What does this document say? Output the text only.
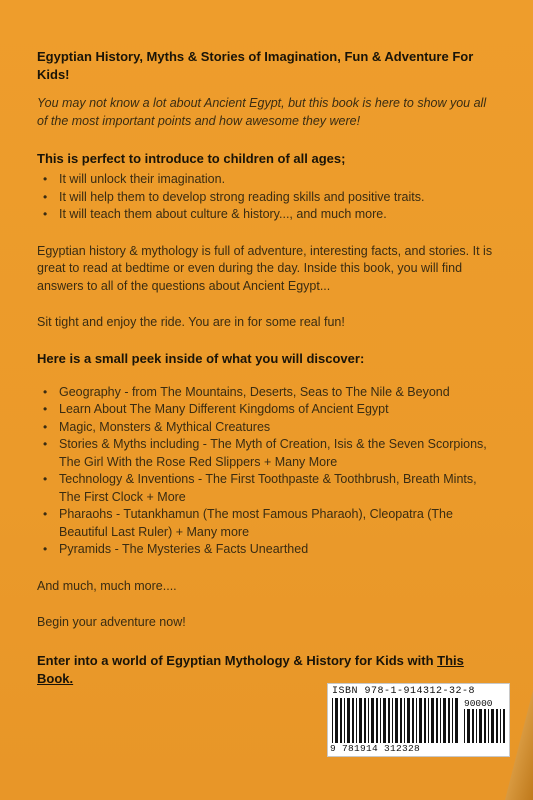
Egyptian History, Myths & Stories of Imagination, Fun & Adventure For Kids!

You may not know a lot about Ancient Egypt, but this book is here to show you all of the most important points and how awesome they were!

This is perfect to introduce to children of all ages;

• It will unlock their imagination.
• It will help them to develop strong reading skills and positive traits.
• It will teach them about culture & history..., and much more.

Egyptian history & mythology is full of adventure, interesting facts, and stories. It is great to read at bedtime or even during the day. Inside this book, you will find answers to all of the questions about Ancient Egypt...

Sit tight and enjoy the ride. You are in for some real fun!

Here is a small peek inside of what you will discover:

• Geography - from The Mountains, Deserts, Seas to The Nile & Beyond
• Learn About The Many Different Kingdoms of Ancient Egypt
• Magic, Monsters & Mythical Creatures
• Stories & Myths including - The Myth of Creation, Isis & the Seven Scorpions, The Girl With the Rose Red Slippers + Many More
• Technology & Inventions - The First Toothpaste & Toothbrush, Breath Mints, The First Clock + More
• Pharaohs - Tutankhamun (The most Famous Pharaoh), Cleopatra (The Beautiful Last Ruler) + Many more
• Pyramids - The Mysteries & Facts Unearthed

And much, much more....

Begin your adventure now!

Enter into a world of Egyptian Mythology & History for Kids with This Book.

ISBN 978-1-914312-32-8
9 781914 312328
90000
